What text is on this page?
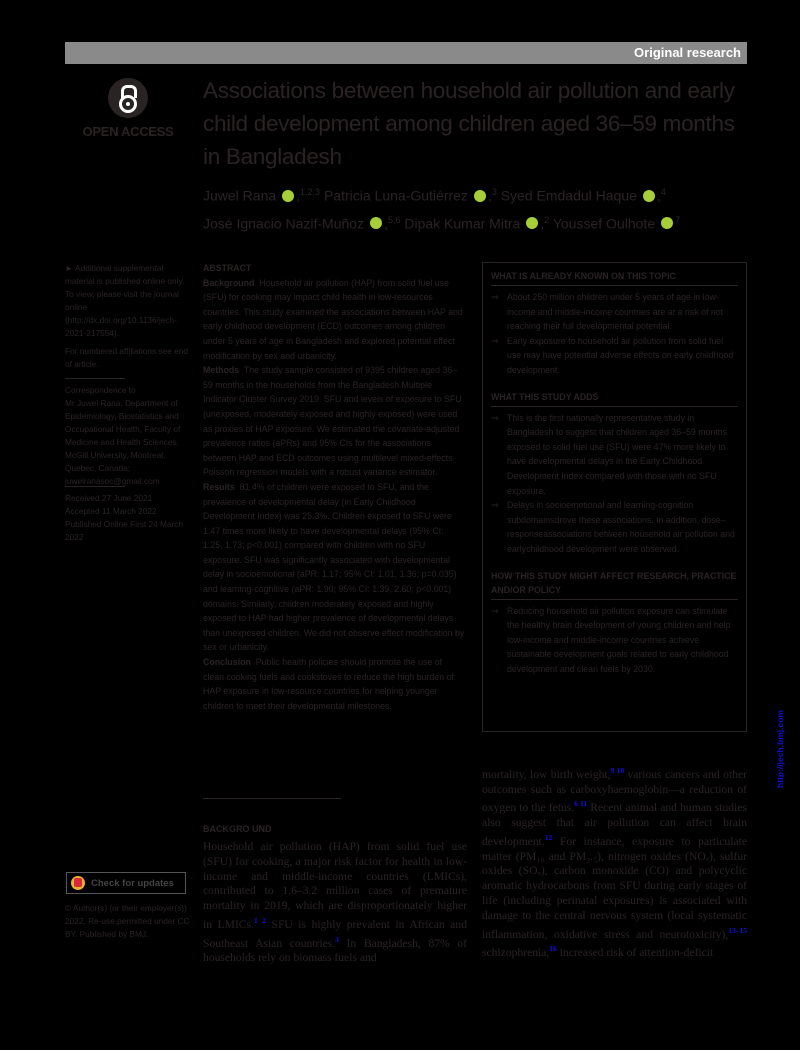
Original research
OPEN ACCESS
Associations between household air pollution and early child development among children aged 36–59 months in Bangladesh
Juwel Rana ,$^{1,2,3}$ Patricia Luna-Gutiérrez ,$^3$ Syed Emdadul Haque ,$^4$
José Ignacio Nazif-Muñoz ,$^{5,6}$ Dipak Kumar Mitra ,$^2$ Youssef Oulhote $^7$
► Additional supplemental material is published online only. To view, please visit the journal online (http://dx.doi.org/10.1136/jech-2021-217554).
For numbered affiliations see end of article.
Correspondence to
Mr Juwel Rana, Department of Epidemiology, Biostatistics and Occupational Health, Faculty of Medicine and Health Sciences, McGill University, Montreal, Quebec, Canada; juwelranasoc@gmail.com
Received 27 June 2021
Accepted 11 March 2022
Published Online First 24 March 2022
Check for updates
© Author(s) (or their employer(s)) 2022. Re-use permitted under CC BY. Published by BMJ.
ABSTRACT
Background Household air pollution (HAP) from solid fuel use (SFU) for cooking may impact child health in low-resources countries. This study examined the associations between HAP and early childhood development (ECD) outcomes among children under 5 years of age in Bangladesh and explored potential effect modification by sex and urbanicity.
Methods The study sample consisted of 9395 children aged 36–59 months in the households from the Bangladesh Multiple Indicator Cluster Survey 2019. SFU and levels of exposure to SFU (unexposed, moderately exposed and highly exposed) were used as proxies of HAP exposure. We estimated the covariate-adjusted prevalence ratios (aPRs) and 95% CIs for the associations between HAP and ECD outcomes using multilevel mixed-effects Poisson regression models with a robust variance estimator.
Results 81.4% of children were exposed to SFU, and the prevalence of developmental delay (in Early Childhood Development Index) was 25.3%. Children exposed to SFU were 1.47 times more likely to have developmental delays (95% CI: 1.25, 1.73; p<0.001) compared with children with no SFU exposure. SFU was significantly associated with developmental delay in socioemotional (aPR: 1.17; 95% CI: 1.01, 1.36; p=0.035) and learning-cognitive (aPR: 1.90; 95% CI: 1.39, 2.60; p<0.001) domains. Similarly, children moderately exposed and highly exposed to HAP had higher prevalence of developmental delays than unexposed children. We did not observe effect modification by sex or urbanicity.
Conclusion Public health policies should promote the use of clean cooking fuels and cookstoves to reduce the high burden of HAP exposure in low-resource countries for helping younger children to meet their developmental milestones.
WHAT IS ALREADY KNOWN ON THIS TOPIC
⇒ About 250 million children under 5 years of age in low-income and middle-income countries are at a risk of not reaching their full developmental potential.
⇒ Early exposure to household air pollution from solid fuel use may have potential adverse effects on early childhood development.
WHAT THIS STUDY ADDS
⇒ This is the first nationally representative study in Bangladesh to suggest that children aged 36–59 months exposed to solid fuel use (SFU) were 47% more likely to have developmental delays in the Early Childhood Development Index compared with those with no SFU exposure.
⇒ Delays in socioemotional and learning-cognition subdomainsdrove these associations. In addition, dose–responseassociations between household air pollution and earlychildhood development were observed.
HOW THIS STUDY MIGHT AFFECT RESEARCH, PRACTICE AND/OR POLICY
⇒ Reducing household air pollution exposure can stimulate the healthy brain development of young children and help low-income and middle-income countries achieve sustainable development goals related to early childhood development and clean fuels by 2030.
BACKGRO UND
Household air pollution (HAP) from solid fuel use (SFU) for cooking, a major risk factor for health in low-income and middle-income countries (LMICs), contributed to 1.6–3.2 million cases of premature mortality in 2019, which are disproportionately higher in LMICs.$^{1 2}$ SFU is highly prevalent in African and Southeast Asian countries.$^3$ In Bangladesh, 87% of households rely on biomass fuels and
mortality, low birth weight,$^{9 10}$ various cancers and other outcomes such as carboxyhaemoglobin—a reduction of oxygen to the fetus.$^{6 11}$ Recent animal and human studies also suggest that air pollution can affect brain development.$^{12}$ For instance, exposure to particulate matter (PM₁₀ and PM₂.₅), nitrogen oxides (NOₓ), sulfur oxides (SOₓ), carbon monoxide (CO) and polycyclic aromatic hydrocarbons from SFU during early stages of life (including perinatal exposures) is associated with damage to the central nervous system (local systematic inflammation, oxidative stress and neurotoxicity),$^{13-15}$ schizophrenia,$^{16}$ increased risk of attention-deficit
http://jech.bmj.com
